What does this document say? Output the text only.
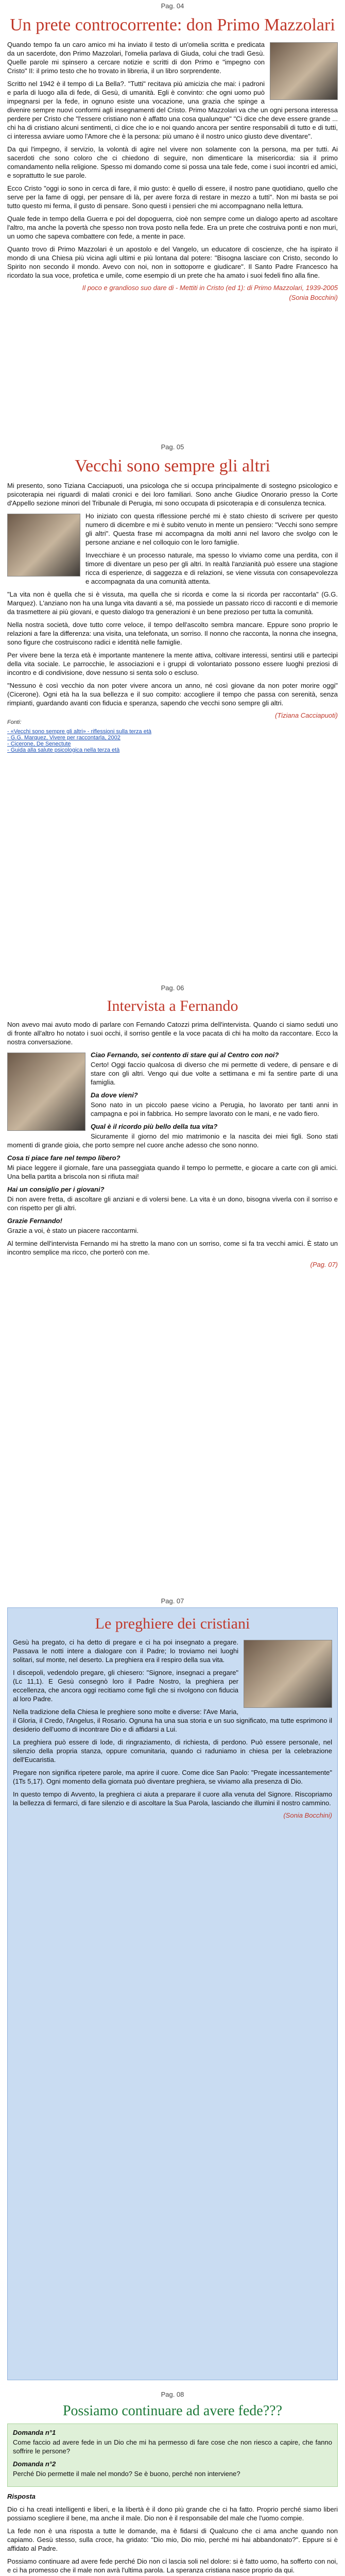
Pag. 04
Un prete controcorrente: don Primo Mazzolari

Quando tempo fa un caro amico mi ha inviato il testo di un'omelia scritta e predicata da un sacerdote, don Primo Mazzolari, l'omelia parlava di Giuda, colui che tradì Gesù. Quelle parole mi spinsero a cercare notizie e scritti di don Primo e "impegno con Cristo" II: il primo testo che ho trovato in libreria, il un libro sorprendente.

Scritto nel 1942 è il tempo di La Bella?. "Tutti" recitava più amicizia che mai: i padroni e parla di luogo alla di fede, di Gesù, di umanità. Egli è convinto: che ogni uomo può impegnarsi per la fede, in ognuno esiste una vocazione, una grazia che spinge a divenire sempre nuovi conformi agli insegnamenti del Cristo. Primo Mazzolari va che un ogni persona interessa perdere per Cristo che "l'essere cristiano non è affatto una cosa qualunque" "Ci dice che deve essere grande ... chi ha di cristiano alcuni sentimenti, ci dice che io e noi quando ancora per sentire responsabili di tutto e di tutti, ci interessa avviare uomo l'Amore che è la persona: più umano è il nostro unico giusto deve diventare".

Da qui l'impegno, il servizio, la volontà di agire nel vivere non solamente con la persona, ma per tutti. Ai sacerdoti che sono coloro che ci chiedono di seguire, non dimenticare la misericordia: sia il primo comandamento nella religione. Spesso mi domando come si possa una tale fede, come i suoi incontri ed amici, e soprattutto le sue parole.

Ecco Cristo "oggi io sono in cerca di fare, il mio gusto: è quello di essere, il nostro pane quotidiano, quello che serve per la fame di oggi, per pensare di là, per avere forza di restare in mezzo a tutti". Non mi basta se poi tutto questo mi ferma, il gusto di pensare. Sono questi i pensieri che mi accompagnano nella lettura.

Quale fede in tempo della Guerra e poi del dopoguerra, cioè non sempre come un dialogo aperto ad ascoltare l'altro, ma anche la povertà che spesso non trova posto nella fede. Era un prete che costruiva ponti e non muri, un uomo che sapeva combattere con fede, a mente in pace.

Quanto trovo di Primo Mazzolari è un apostolo e del Vangelo, un educatore di coscienze, che ha ispirato il mondo di una Chiesa più vicina agli ultimi e più lontana dal potere: "Bisogna lasciare con Cristo, secondo lo Spirito non secondo il mondo. Avevo con noi, non in sottoporre e giudicare". Il Santo Padre Francesco ha ricordato la sua voce, profetica e umile, come esempio di un prete che ha amato i suoi fedeli fino alla fine.

Il poco e grandioso suo dare di - Mettiti in Cristo (ed 1): di Primo Mazzolari, 1939-2005

(Sonia Bocchini)

Pag. 05
Vecchi sono sempre gli altri

Mi presento, sono Tiziana Cacciapuoti, una psicologa che si occupa principalmente di sostegno psicologico e psicoterapia nei riguardi di malati cronici e dei loro familiari. Sono anche Giudice Onorario presso la Corte d'Appello sezione minori del Tribunale di Perugia, mi sono occupata di psicoterapia e di consulenza tecnica.

Ho iniziato con questa riflessione perché mi è stato chiesto di scrivere per questo numero di dicembre e mi è subito venuto in mente un pensiero: "Vecchi sono sempre gli altri". Questa frase mi accompagna da molti anni nel lavoro che svolgo con le persone anziane e nel colloquio con le loro famiglie.

Invecchiare è un processo naturale, ma spesso lo viviamo come una perdita, con il timore di diventare un peso per gli altri. In realtà l'anzianità può essere una stagione ricca di esperienze, di saggezza e di relazioni, se viene vissuta con consapevolezza e accompagnata da una comunità attenta.

"La vita non è quella che si è vissuta, ma quella che si ricorda e come la si ricorda per raccontarla" (G.G. Marquez). L'anziano non ha una lunga vita davanti a sé, ma possiede un passato ricco di racconti e di memorie da trasmettere ai più giovani, e questo dialogo tra generazioni è un bene prezioso per tutta la comunità.

Nella nostra società, dove tutto corre veloce, il tempo dell'ascolto sembra mancare. Eppure sono proprio le relazioni a fare la differenza: una visita, una telefonata, un sorriso. Il nonno che racconta, la nonna che insegna, sono figure che costruiscono radici e identità nelle famiglie.

Per vivere bene la terza età è importante mantenere la mente attiva, coltivare interessi, sentirsi utili e partecipi della vita sociale. Le parrocchie, le associazioni e i gruppi di volontariato possono essere luoghi preziosi di incontro e di condivisione, dove nessuno si senta solo o escluso.

"Nessuno è così vecchio da non poter vivere ancora un anno, né così giovane da non poter morire oggi" (Cicerone). Ogni età ha la sua bellezza e il suo compito: accogliere il tempo che passa con serenità, senza rimpianti, guardando avanti con fiducia e speranza, sapendo che vecchi sono sempre gli altri.

(Tiziana Cacciapuoti)

Fonti:

- «Vecchi sono sempre gli altri» - riflessioni sulla terza età
- G.G. Marquez, Vivere per raccontarla, 2002
- Cicerone, De Senectute
- Guida alla salute psicologica nella terza età
Pag. 06
Intervista a Fernando

Non avevo mai avuto modo di parlare con Fernando Catozzi prima dell'intervista. Quando ci siamo seduti uno di fronte all'altro ho notato i suoi occhi, il sorriso gentile e la voce pacata di chi ha molto da raccontare. Ecco la nostra conversazione.

Ciao Fernando, sei contento di stare qui al Centro con noi?
Certo! Oggi faccio qualcosa di diverso che mi permette di vedere, di pensare e di stare con gli altri. Vengo qui due volte a settimana e mi fa sentire parte di una famiglia.
Da dove vieni?
Sono nato in un piccolo paese vicino a Perugia, ho lavorato per tanti anni in campagna e poi in fabbrica. Ho sempre lavorato con le mani, e ne vado fiero.
Qual è il ricordo più bello della tua vita?
Sicuramente il giorno del mio matrimonio e la nascita dei miei figli. Sono stati momenti di grande gioia, che porto sempre nel cuore anche adesso che sono nonno.
Cosa ti piace fare nel tempo libero?
Mi piace leggere il giornale, fare una passeggiata quando il tempo lo permette, e giocare a carte con gli amici. Una bella partita a briscola non si rifiuta mai!
Hai un consiglio per i giovani?
Di non avere fretta, di ascoltare gli anziani e di volersi bene. La vita è un dono, bisogna viverla con il sorriso e con rispetto per gli altri.
Grazie Fernando!
Grazie a voi, è stato un piacere raccontarmi.

Al termine dell'intervista Fernando mi ha stretto la mano con un sorriso, come si fa tra vecchi amici. È stato un incontro semplice ma ricco, che porterò con me.

(Pag. 07)

Pag. 07
Le preghiere dei cristiani

Gesù ha pregato, ci ha detto di pregare e ci ha poi insegnato a pregare. Passava le notti intere a dialogare con il Padre; lo troviamo nei luoghi solitari, sul monte, nel deserto. La preghiera era il respiro della sua vita.

I discepoli, vedendolo pregare, gli chiesero: "Signore, insegnaci a pregare" (Lc 11,1). E Gesù consegnò loro il Padre Nostro, la preghiera per eccellenza, che ancora oggi recitiamo come figli che si rivolgono con fiducia al loro Padre.

Nella tradizione della Chiesa le preghiere sono molte e diverse: l'Ave Maria, il Gloria, il Credo, l'Angelus, il Rosario. Ognuna ha una sua storia e un suo significato, ma tutte esprimono il desiderio dell'uomo di incontrare Dio e di affidarsi a Lui.

La preghiera può essere di lode, di ringraziamento, di richiesta, di perdono. Può essere personale, nel silenzio della propria stanza, oppure comunitaria, quando ci raduniamo in chiesa per la celebrazione dell'Eucaristia.

Pregare non significa ripetere parole, ma aprire il cuore. Come dice San Paolo: "Pregate incessantemente" (1Ts 5,17). Ogni momento della giornata può diventare preghiera, se viviamo alla presenza di Dio.

In questo tempo di Avvento, la preghiera ci aiuta a preparare il cuore alla venuta del Signore. Riscopriamo la bellezza di fermarci, di fare silenzio e di ascoltare la Sua Parola, lasciando che illumini il nostro cammino.

(Sonia Bocchini)

Pag. 08
Possiamo continuare ad avere fede???
Domanda n°1
Come faccio ad avere fede in un Dio che mi ha permesso di fare cose che non riesco a capire, che fanno soffrire le persone?
Domanda n°2
Perché Dio permette il male nel mondo? Se è buono, perché non interviene?

Risposta

Dio ci ha creati intelligenti e liberi, e la libertà è il dono più grande che ci ha fatto. Proprio perché siamo liberi possiamo scegliere il bene, ma anche il male. Dio non è il responsabile del male che l'uomo compie.

La fede non è una risposta a tutte le domande, ma è fidarsi di Qualcuno che ci ama anche quando non capiamo. Gesù stesso, sulla croce, ha gridato: "Dio mio, Dio mio, perché mi hai abbandonato?". Eppure si è affidato al Padre.

Possiamo continuare ad avere fede perché Dio non ci lascia soli nel dolore: si è fatto uomo, ha sofferto con noi, e ci ha promesso che il male non avrà l'ultima parola. La speranza cristiana nasce proprio da qui.
